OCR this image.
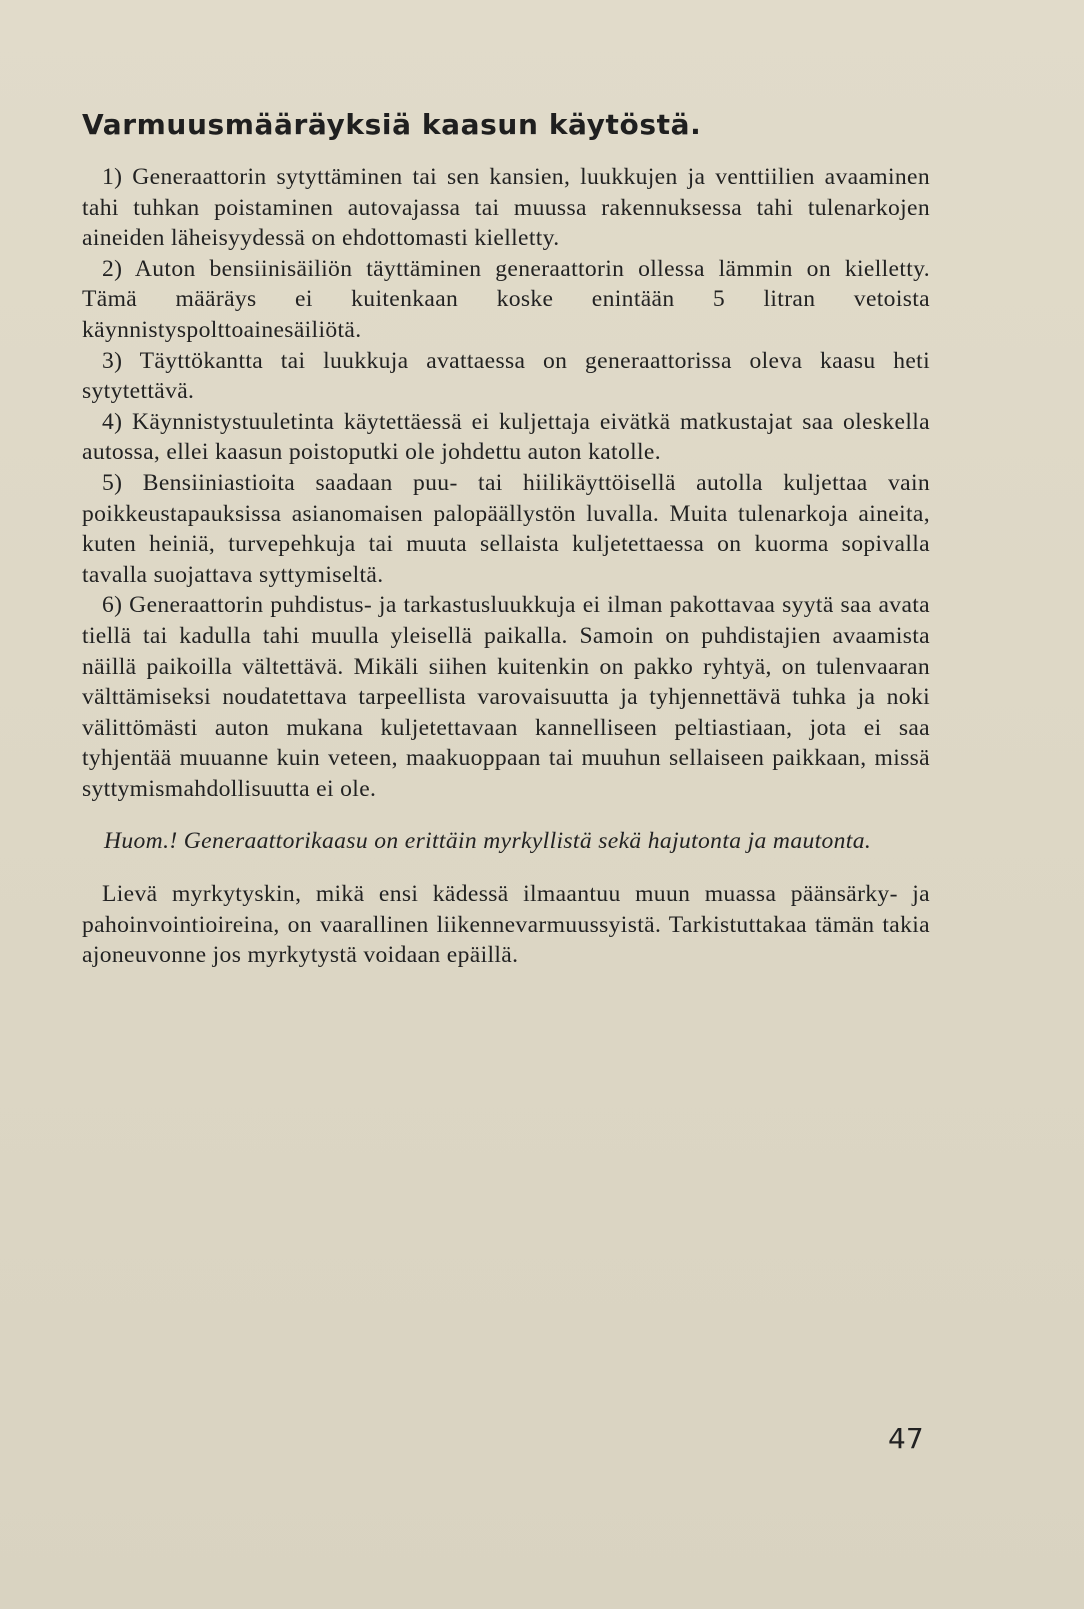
Varmuusmääräyksiä kaasun käytöstä.

1) Generaattorin sytyttäminen tai sen kansien, luukkujen ja venttiilien avaaminen tahi tuhkan poistaminen autovajassa tai muussa rakennuksessa tahi tulenarkojen aineiden läheisyydessä on ehdottomasti kielletty.

2) Auton bensiinisäiliön täyttäminen generaattorin ollessa lämmin on kielletty. Tämä määräys ei kuitenkaan koske enintään 5 litran vetoista käynnistyspolttoainesäiliötä.

3) Täyttökantta tai luukkuja avattaessa on generaattorissa oleva kaasu heti sytytettävä.

4) Käynnistystuuletinta käytettäessä ei kuljettaja eivätkä matkustajat saa oleskella autossa, ellei kaasun poistoputki ole johdettu auton katolle.

5) Bensiiniastioita saadaan puu- tai hiilikäyttöisellä autolla kuljettaa vain poikkeustapauksissa asianomaisen palopäällystön luvalla. Muita tulenarkoja aineita, kuten heiniä, turvepehkuja tai muuta sellaista kuljetettaessa on kuorma sopivalla tavalla suojattava syttymiseltä.

6) Generaattorin puhdistus- ja tarkastusluukkuja ei ilman pakottavaa syytä saa avata tiellä tai kadulla tahi muulla yleisellä paikalla. Samoin on puhdistajien avaamista näillä paikoilla vältettävä. Mikäli siihen kuitenkin on pakko ryhtyä, on tulenvaaran välttämiseksi noudatettava tarpeellista varovaisuutta ja tyhjennettävä tuhka ja noki välittömästi auton mukana kuljetettavaan kannelliseen peltiastiaan, jota ei saa tyhjentää muuanne kuin veteen, maakuoppaan tai muuhun sellaiseen paikkaan, missä syttymismahdollisuutta ei ole.

Huom.! Generaattorikaasu on erittäin myrkyllistä sekä hajutonta ja mautonta.

Lievä myrkytyskin, mikä ensi kädessä ilmaantuu muun muassa päänsärky- ja pahoinvointioireina, on vaarallinen liikennevarmuussyistä. Tarkistuttakaa tämän takia ajoneuvonne jos myrkytystä voidaan epäillä.

47
